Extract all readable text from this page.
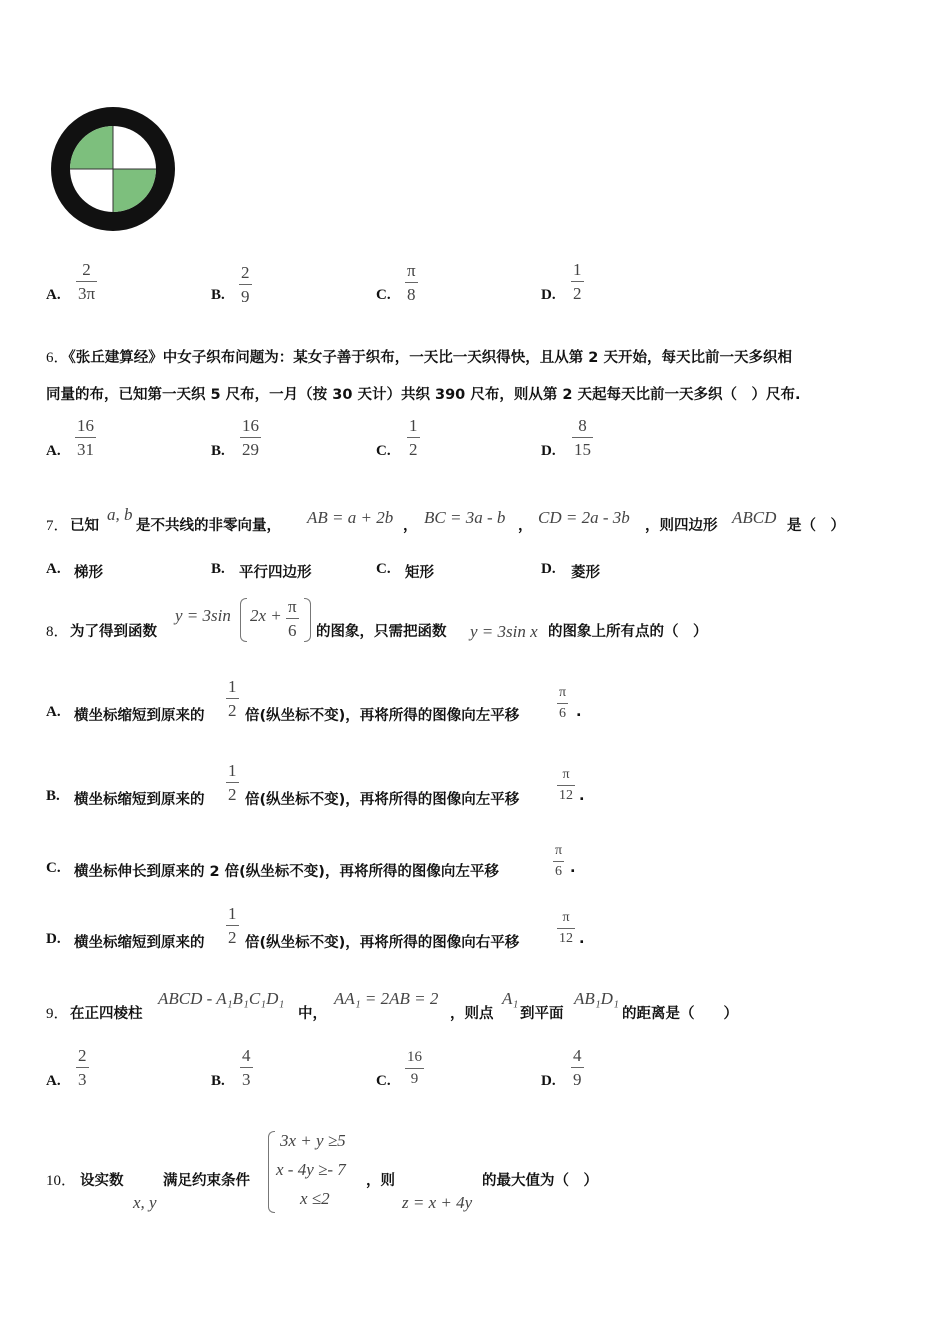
A.
2
3π	B.
2
9	C.
π
8	D.
1
2
6．《张丘建算经》中女子织布问题为：某女子善于织布，一天比一天织得快，且从第 2 天开始，每天比前一天多织相
同量的布，已知第一天织 5 尺布，一月（按 30 天计）共织 390 尺布，则从第 2 天起每天比前一天多织（　）尺布.
A.
16
31	B.
16
29	C.
1
2	D.
8
15
7． 已知
a, b
是不共线的非零向量， AB = a + 2b ， BC = 3a - b ， CD = 2a - 3b ，则四边形 ABCD 是（　）
A. 梯形	B. 平行四边形	C. 矩形	D. 菱形
8． 为了得到函数
y = 3sin 2x + π
6 的图象，只需把函数 y = 3sin x 的图象上所有点的（　）
A. 横坐标缩短到原来的
1
2 倍(纵坐标不变)，再将所得的图像向左平移
π
6 .
B. 横坐标缩短到原来的
1
2 倍(纵坐标不变)，再将所得的图像向左平移
π
12 .
C. 横坐标伸长到原来的 2 倍(纵坐标不变)，再将所得的图像向左平移
π
6 .
D. 横坐标缩短到原来的
1
2 倍(纵坐标不变)，再将所得的图像向右平移
π
12 .
9． 在正四棱柱
ABCD - A₁B₁C₁D₁
中，
AA₁ = 2AB = 2
，则点
A₁
到平面
AB₁D₁
的距离是（　　）
A.
2
3	B.
4
3	C.
16
9	D.
4
9
10． 设实数
x, y
满足约束条件
3x + y ≥5
x - 4y ≥- 7
x ≤2
，则
z = x + 4y
的最大值为（　）
